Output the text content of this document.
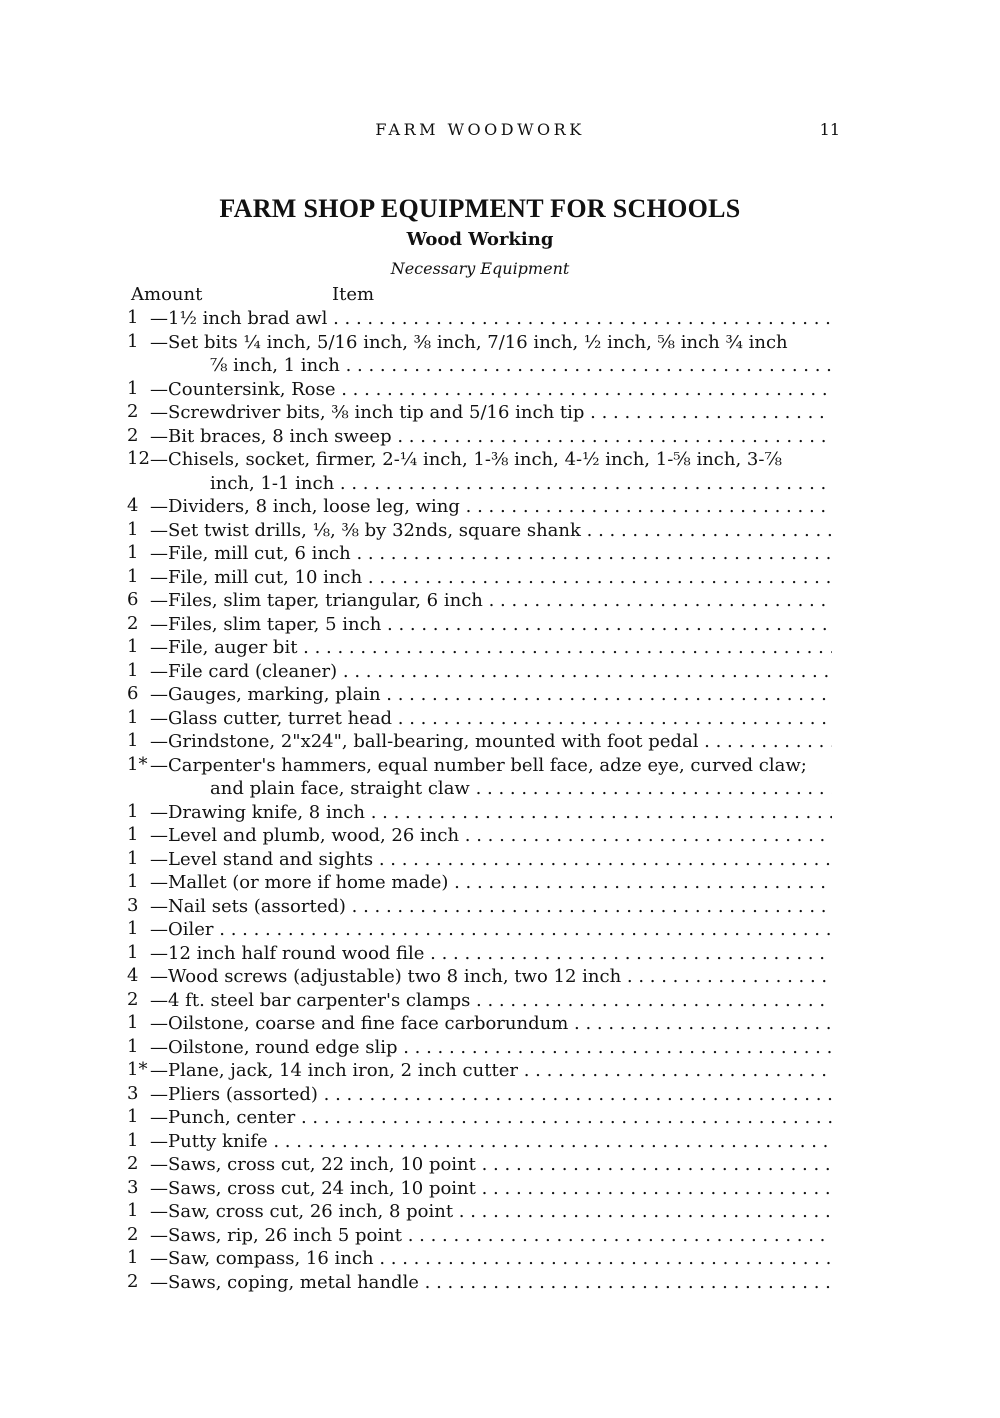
FARM WOODWORK	11
FARM SHOP EQUIPMENT FOR SCHOOLS
Wood Working
Necessary Equipment
Amount	Item
1 —1½ inch brad awl . . .
1 —Set bits ¼ inch, 5/16 inch, ⅜ inch, 7/16 inch, ½ inch, ⅝ inch ¾ inch
⅞ inch, 1 inch . . .
1 —Countersink, Rose . . .
2 —Screwdriver bits, ⅜ inch tip and 5/16 inch tip . . .
2 —Bit braces, 8 inch sweep . . .
12 —Chisels, socket, firmer, 2-¼ inch, 1-⅜ inch, 4-½ inch, 1-⅝ inch, 3-⅞
inch, 1-1 inch . . .
4 —Dividers, 8 inch, loose leg, wing . . .
1 —Set twist drills, ⅛, ⅜ by 32nds, square shank . . .
1 —File, mill cut, 6 inch . . .
1 —File, mill cut, 10 inch . . .
6 —Files, slim taper, triangular, 6 inch . . .
2 —Files, slim taper, 5 inch . . .
1 —File, auger bit . . .
1 —File card (cleaner) . . .
6 —Gauges, marking, plain . . .
1 —Glass cutter, turret head . . .
1 —Grindstone, 2"x24", ball-bearing, mounted with foot pedal . . .
1* —Carpenter's hammers, equal number bell face, adze eye, curved claw;
and plain face, straight claw . . .
1 —Drawing knife, 8 inch . . .
1 —Level and plumb, wood, 26 inch . . .
1 —Level stand and sights . . .
1 —Mallet (or more if home made) . . .
3 —Nail sets (assorted) . . .
1 —Oiler . . .
1 —12 inch half round wood file . . .
4 —Wood screws (adjustable) two 8 inch, two 12 inch . . .
2 —4 ft. steel bar carpenter's clamps . . .
1 —Oilstone, coarse and fine face carborundum . . .
1 —Oilstone, round edge slip . . .
1* —Plane, jack, 14 inch iron, 2 inch cutter . . .
3 —Pliers (assorted) . . .
1 —Punch, center . . .
1 —Putty knife . . .
2 —Saws, cross cut, 22 inch, 10 point . . .
3 —Saws, cross cut, 24 inch, 10 point . . .
1 —Saw, cross cut, 26 inch, 8 point . . .
2 —Saws, rip, 26 inch 5 point . . .
1 —Saw, compass, 16 inch . . .
2 —Saws, coping, metal handle . . .
